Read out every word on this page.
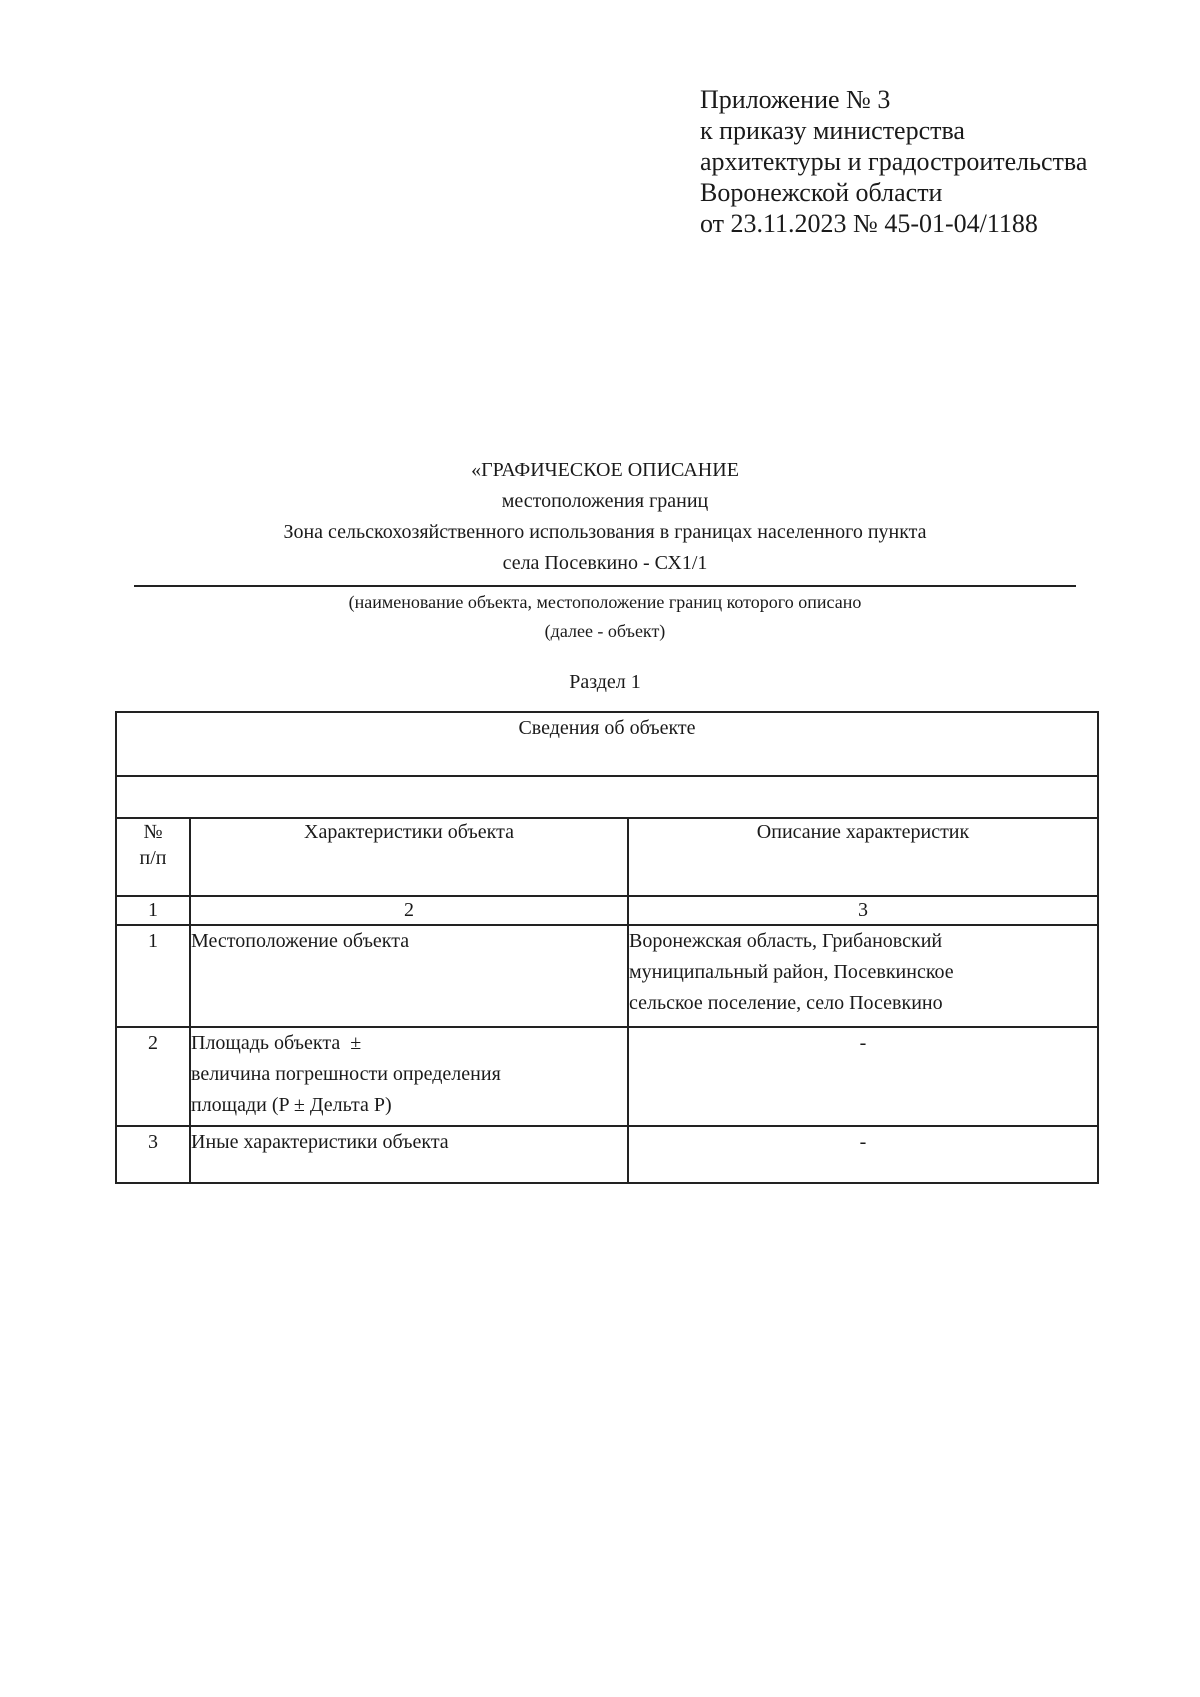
Приложение № 3
к приказу министерства
архитектуры и градостроительства
Воронежской области
от 23.11.2023 № 45-01-04/1188
«ГРАФИЧЕСКОЕ ОПИСАНИЕ
местоположения границ
Зона сельскохозяйственного использования в границах населенного пункта
села Посевкино - СХ1/1
(наименование объекта, местоположение границ которого описано
(далее - объект)
Раздел 1
Сведения об объекте		

№
п/п	Характеристики объекта	Описание характеристик
1	2	3
1	Местоположение объекта	Воронежская область, Грибановский
муниципальный район, Посевкинское
сельское поселение, село Посевкино

2	Площадь объекта  ±
величина погрешности определения
площади (P ± Дельта P)	-
3	Иные характеристики объекта	-
